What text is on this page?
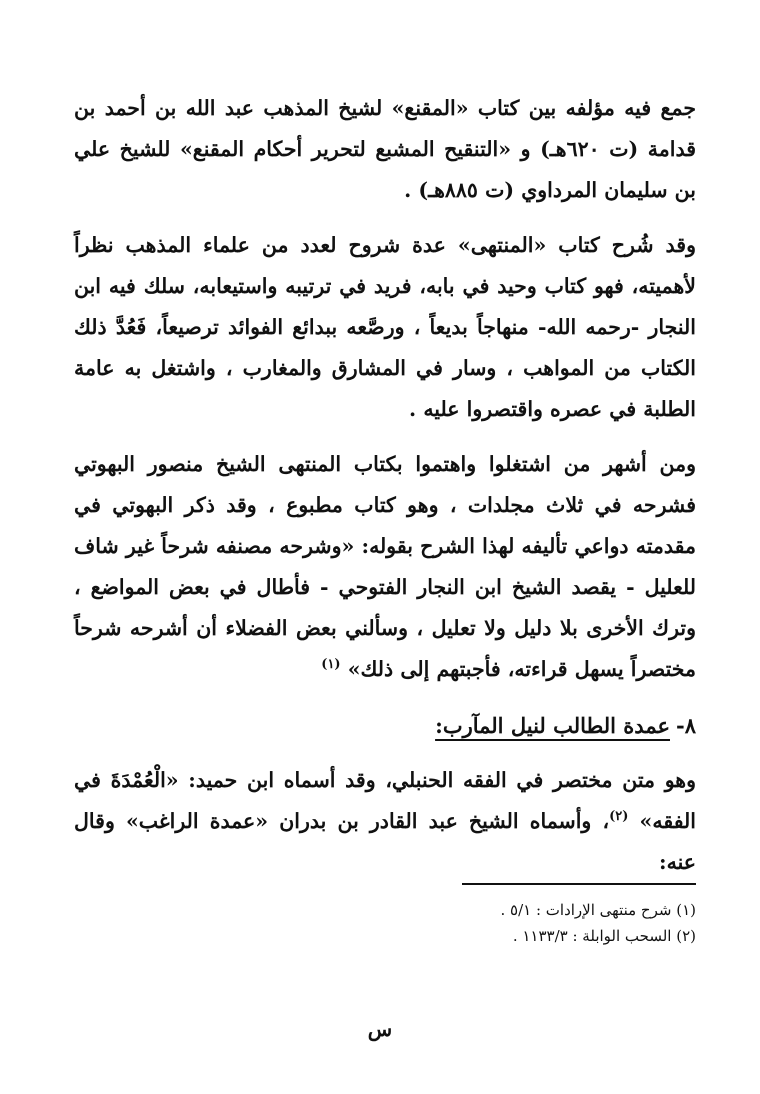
جمع فيه مؤلفه بين كتاب «المقنع» لشيخ المذهب عبد الله بن أحمد بن قدامة (ت ٦٢٠هـ) و «التنقيح المشبع لتحرير أحكام المقنع» للشيخ علي بن سليمان المرداوي (ت ٨٨٥هـ) .

وقد شُرح كتاب «المنتهى» عدة شروح لعدد من علماء المذهب نظراً لأهميته، فهو كتاب وحيد في بابه، فريد في ترتيبه واستيعابه، سلك فيه ابن النجار -رحمه الله- منهاجاً بديعاً ، ورصَّعه ببدائع الفوائد ترصيعاً، فَعُدَّ ذلك الكتاب من المواهب ، وسار في المشارق والمغارب ، واشتغل به عامة الطلبة في عصره واقتصروا عليه .

ومن أشهر من اشتغلوا واهتموا بكتاب المنتهى الشيخ منصور البهوتي فشرحه في ثلاث مجلدات ، وهو كتاب مطبوع ، وقد ذكر البهوتي في مقدمته دواعي تأليفه لهذا الشرح بقوله: «وشرحه مصنفه شرحاً غير شاف للعليل - يقصد الشيخ ابن النجار الفتوحي - فأطال في بعض المواضع ، وترك الأخرى بلا دليل ولا تعليل ، وسألني بعض الفضلاء أن أشرحه شرحاً مختصراً يسهل قراءته، فأجبتهم إلى ذلك» $^{(١)}$

٨-عمدة الطالب لنيل المآرب:

وهو متن مختصر في الفقه الحنبلي، وقد أسماه ابن حميد: «الْعُمْدَةَ في الفقه» $^{(٢)}$، وأسماه الشيخ عبد القادر بن بدران «عمدة الراغب» وقال عنه:

(١) شرح منتهى الإرادات : ٥/١ .
(٢) السحب الوابلة : ١١٣٣/٣ .
س
